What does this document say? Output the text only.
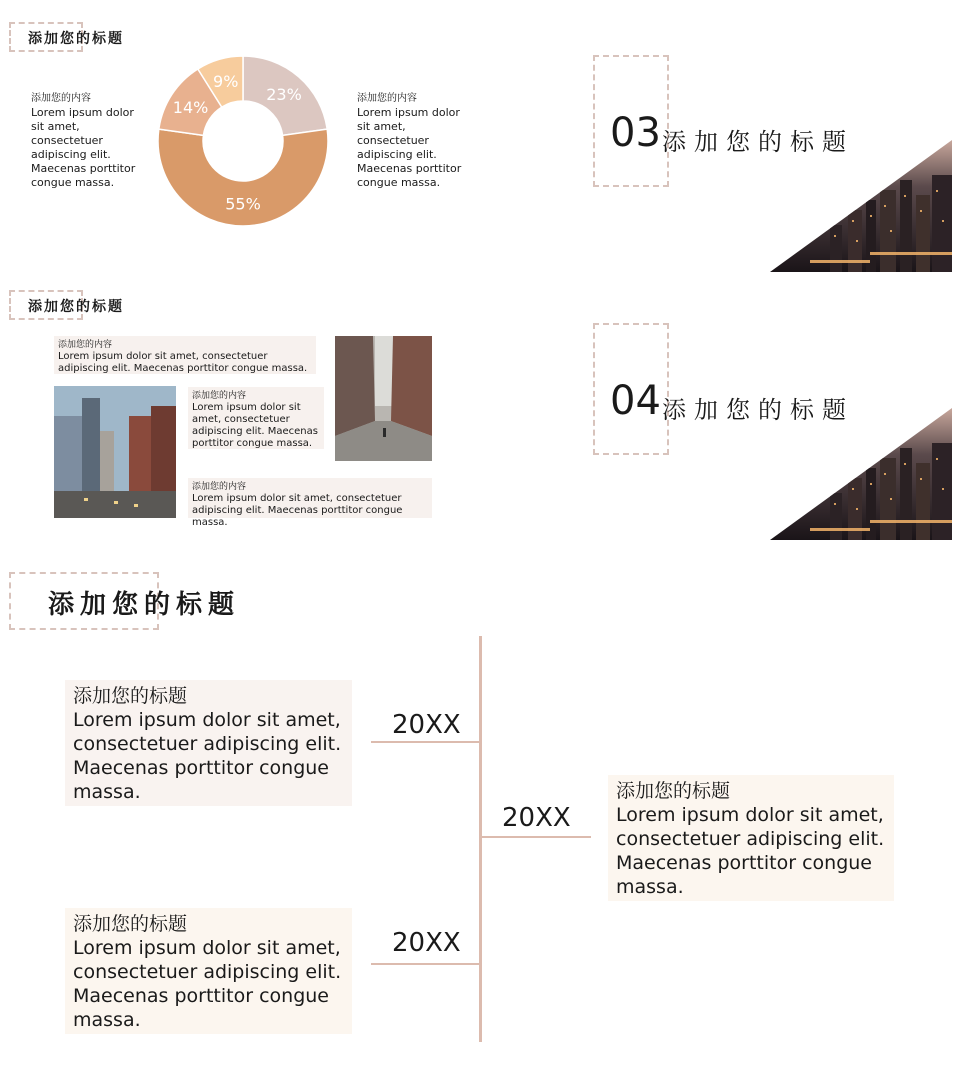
添加您的标题
添加您的内容
Lorem ipsum dolor sit amet, consectetuer adipiscing elit. Maecenas porttitor congue massa.
23%
55%
14%
9%
添加您的内容
Lorem ipsum dolor sit amet, consectetuer adipiscing elit. Maecenas porttitor congue massa.
03 添加您的标题
添加您的标题
添加您的内容
Lorem ipsum dolor sit amet, consectetuer adipiscing elit. Maecenas porttitor congue massa.
添加您的内容
Lorem ipsum dolor sit amet, consectetuer adipiscing elit. Maecenas porttitor congue massa.
添加您的内容
Lorem ipsum dolor sit amet, consectetuer adipiscing elit. Maecenas porttitor congue massa.
04 添加您的标题
添加您的标题
20XX
20XX
20XX
添加您的标题
Lorem ipsum dolor sit amet, consectetuer adipiscing elit. Maecenas porttitor congue massa.	添加您的标题
Lorem ipsum dolor sit amet, consectetuer adipiscing elit. Maecenas porttitor congue massa.
添加您的标题
Lorem ipsum dolor sit amet, consectetuer adipiscing elit. Maecenas porttitor congue massa.
